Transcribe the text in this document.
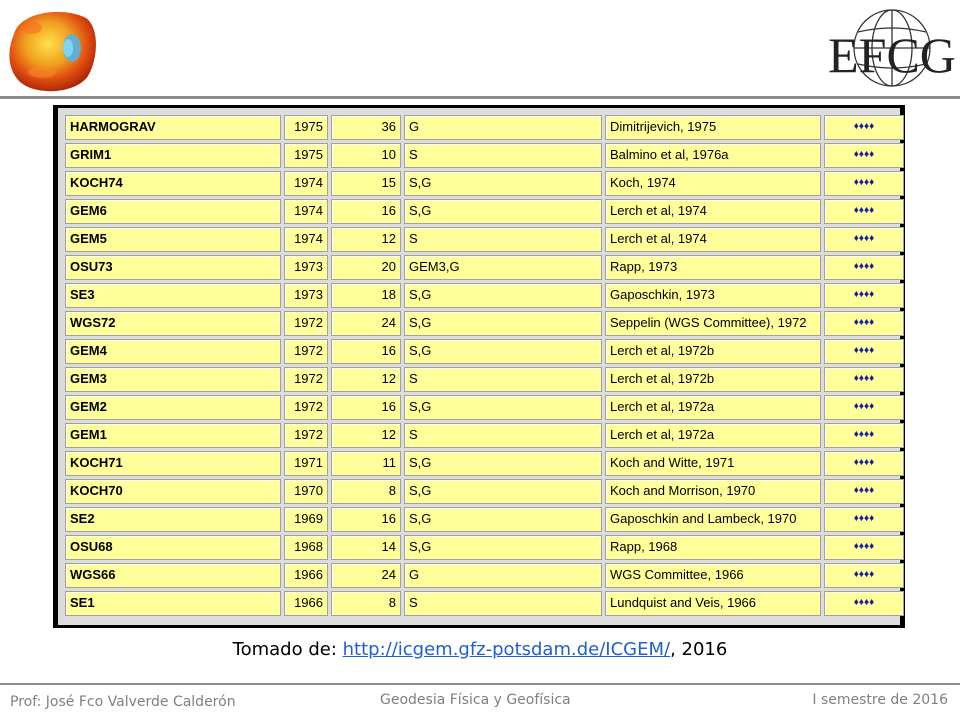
EFCG
HARMOGRAV	1975	36	G	Dimitrijevich, 1975	♦♦♦♦
GRIM1	1975	10	S	Balmino et al, 1976a	♦♦♦♦
KOCH74	1974	15	S,G	Koch, 1974	♦♦♦♦
GEM6	1974	16	S,G	Lerch et al, 1974	♦♦♦♦
GEM5	1974	12	S	Lerch et al, 1974	♦♦♦♦
OSU73	1973	20	GEM3,G	Rapp, 1973	♦♦♦♦
SE3	1973	18	S,G	Gaposchkin, 1973	♦♦♦♦
WGS72	1972	24	S,G	Seppelin (WGS Committee), 1972	♦♦♦♦
GEM4	1972	16	S,G	Lerch et al, 1972b	♦♦♦♦
GEM3	1972	12	S	Lerch et al, 1972b	♦♦♦♦
GEM2	1972	16	S,G	Lerch et al, 1972a	♦♦♦♦
GEM1	1972	12	S	Lerch et al, 1972a	♦♦♦♦
KOCH71	1971	11	S,G	Koch and Witte, 1971	♦♦♦♦
KOCH70	1970	8	S,G	Koch and Morrison, 1970	♦♦♦♦
SE2	1969	16	S,G	Gaposchkin and Lambeck, 1970	♦♦♦♦
OSU68	1968	14	S,G	Rapp, 1968	♦♦♦♦
WGS66	1966	24	G	WGS Committee, 1966	♦♦♦♦
SE1	1966	8	S	Lundquist and Veis, 1966	♦♦♦♦
Tomado de: http://icgem.gfz-potsdam.de/ICGEM/, 2016
Prof: José Fco Valverde Calderón	Geodesia Física y Geofísica	I semestre de 2016
